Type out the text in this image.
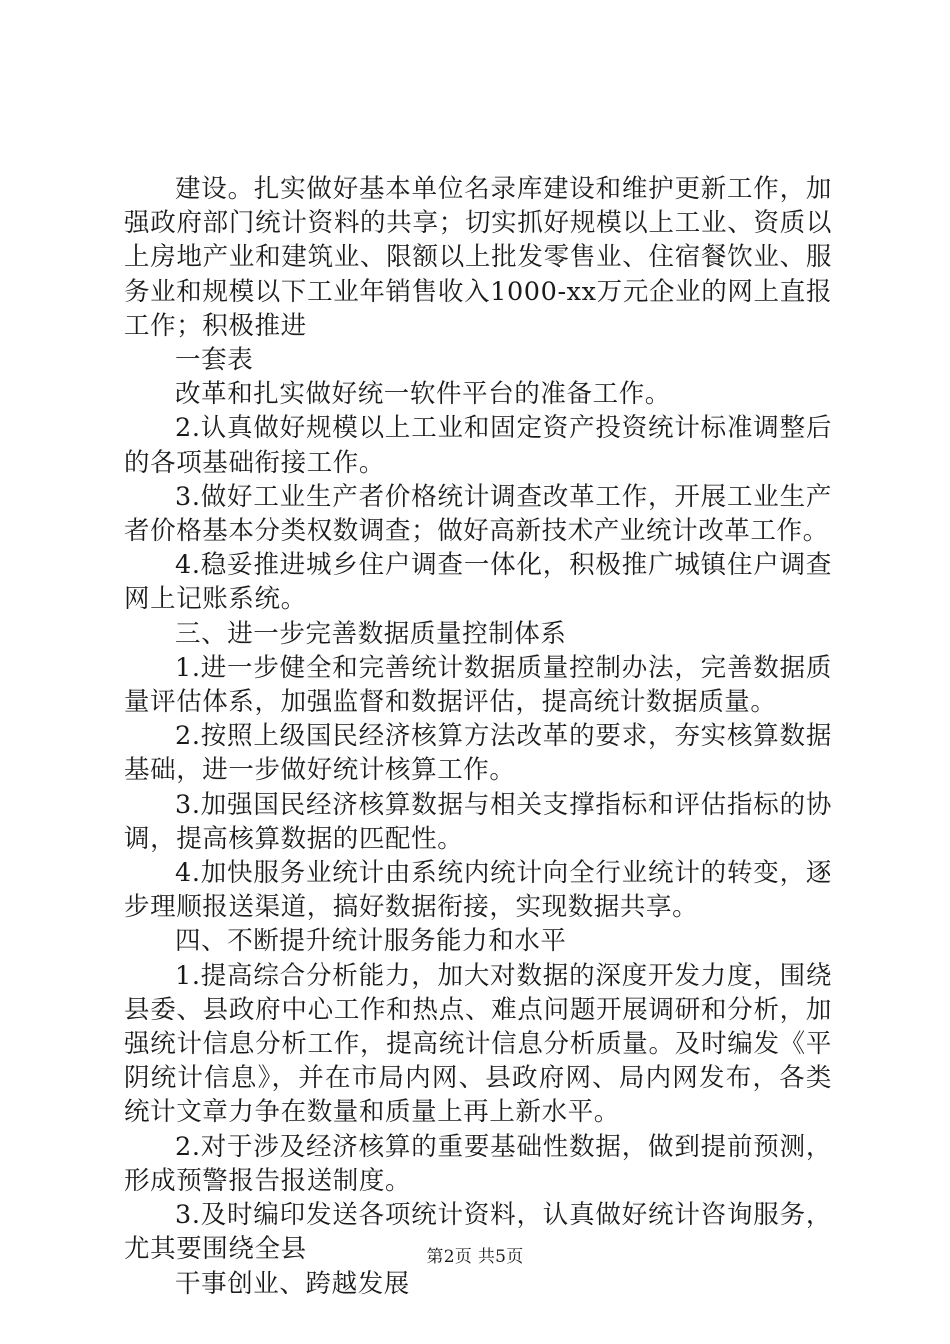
建设。扎实做好基本单位名录库建设和维护更新工作，加强政府部门统计资料的共享；切实抓好规模以上工业、资质以上房地产业和建筑业、限额以上批发零售业、住宿餐饮业、服务业和规模以下工业年销售收入1000-xx万元企业的网上直报工作；积极推进

一套表

改革和扎实做好统一软件平台的准备工作。

2.认真做好规模以上工业和固定资产投资统计标准调整后的各项基础衔接工作。

3.做好工业生产者价格统计调查改革工作，开展工业生产者价格基本分类权数调查；做好高新技术产业统计改革工作。

4.稳妥推进城乡住户调查一体化，积极推广城镇住户调查网上记账系统。

三、进一步完善数据质量控制体系

1.进一步健全和完善统计数据质量控制办法，完善数据质量评估体系，加强监督和数据评估，提高统计数据质量。

2.按照上级国民经济核算方法改革的要求，夯实核算数据基础，进一步做好统计核算工作。

3.加强国民经济核算数据与相关支撑指标和评估指标的协调，提高核算数据的匹配性。

4.加快服务业统计由系统内统计向全行业统计的转变，逐步理顺报送渠道，搞好数据衔接，实现数据共享。

四、不断提升统计服务能力和水平

1.提高综合分析能力，加大对数据的深度开发力度，围绕县委、县政府中心工作和热点、难点问题开展调研和分析，加强统计信息分析工作，提高统计信息分析质量。及时编发《平阴统计信息》，并在市局内网、县政府网、局内网发布，各类统计文章力争在数量和质量上再上新水平。

2.对于涉及经济核算的重要基础性数据，做到提前预测，形成预警报告报送制度。

3.及时编印发送各项统计资料，认真做好统计咨询服务，尤其要围绕全县

干事创业、跨越发展

第2页 共5页
